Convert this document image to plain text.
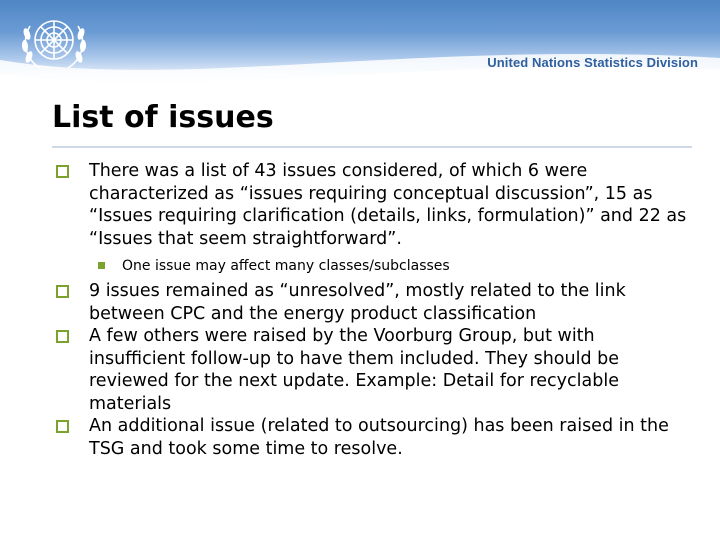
United Nations Statistics Division
List of issues
There was a list of 43 issues considered, of which 6 were characterized as “issues requiring conceptual discussion”, 15 as “Issues requiring clarification (details, links, formulation)” and 22 as “Issues that seem straightforward”.
One issue may affect many classes/subclasses
9 issues remained as “unresolved”, mostly related to the link between CPC and the energy product classification
A few others were raised by the Voorburg Group, but with insufficient follow-up to have them included. They should be reviewed for the next update. Example: Detail for recyclable materials
An additional issue (related to outsourcing) has been raised in the TSG and took some time to resolve.
